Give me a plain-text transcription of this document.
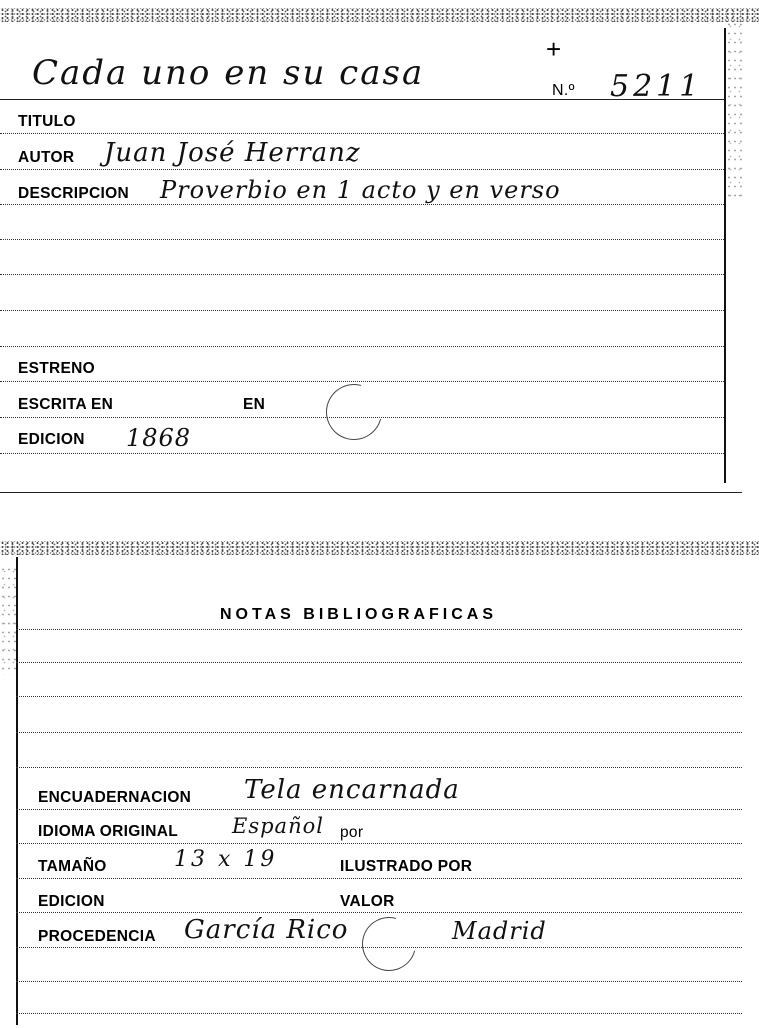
Cada uno en su casa	N.º 5211
+
TITULO
AUTOR Juan José Herranz
DESCRIPCION Proverbio en 1 acto y en verso
ESTRENO
ESCRITA EN	EN
EDICION 1868
NOTAS BIBLIOGRAFICAS
ENCUADERNACION Tela encarnada
IDIOMA ORIGINAL	Español por
TAMAÑO	13 x 19	ILUSTRADO POR
EDICION	VALOR
PROCEDENCIA García Rico	Madrid
